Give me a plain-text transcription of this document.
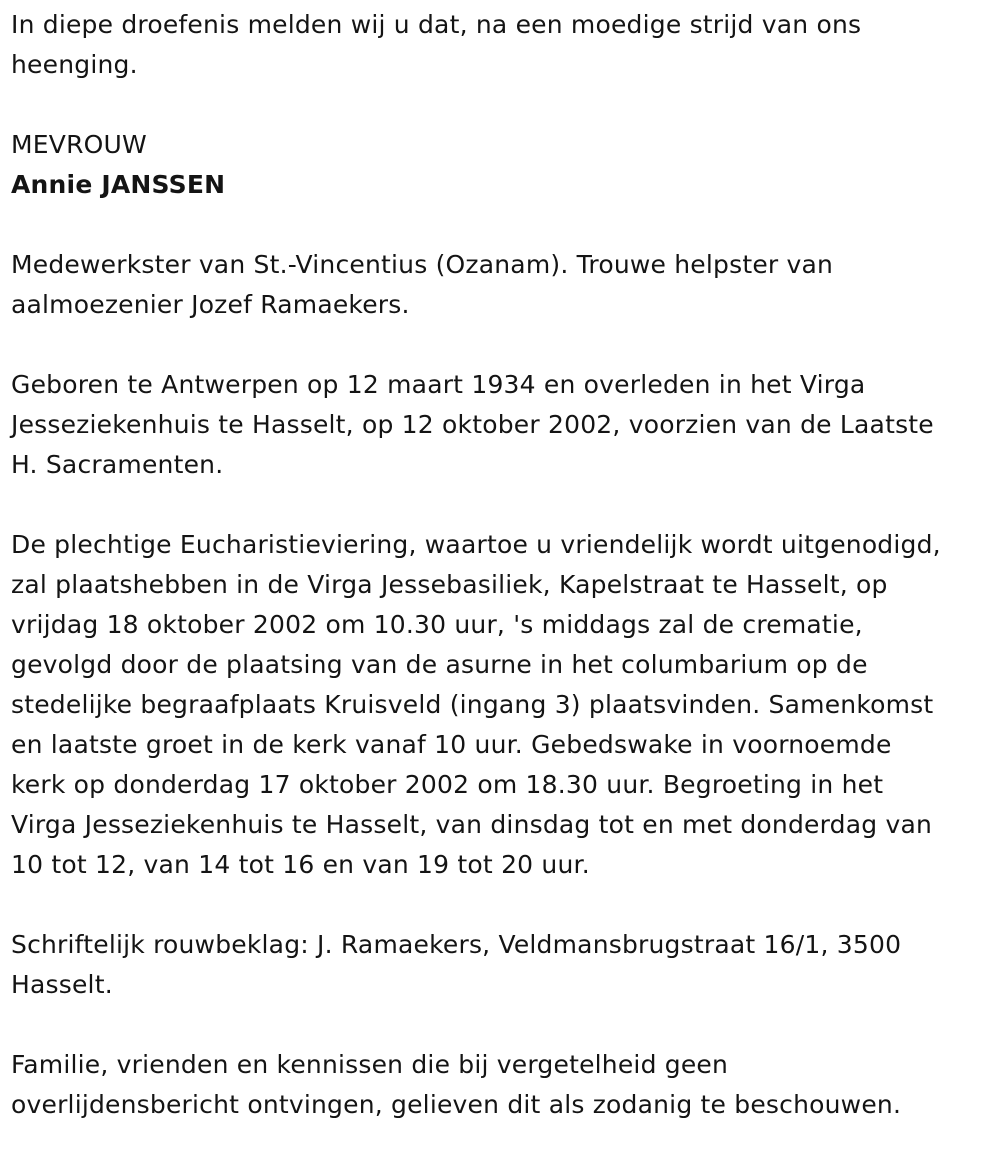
In diepe droefenis melden wij u dat, na een moedige strijd van ons
heenging.

MEVROUW

Annie JANSSEN

Medewerkster van St.-Vincentius (Ozanam). Trouwe helpster van
aalmoezenier Jozef Ramaekers.

Geboren te Antwerpen op 12 maart 1934 en overleden in het Virga
Jesseziekenhuis te Hasselt, op 12 oktober 2002, voorzien van de Laatste
H. Sacramenten.

De plechtige Eucharistieviering, waartoe u vriendelijk wordt uitgenodigd,
zal plaatshebben in de Virga Jessebasiliek, Kapelstraat te Hasselt, op
vrijdag 18 oktober 2002 om 10.30 uur, 's middags zal de crematie,
gevolgd door de plaatsing van de asurne in het columbarium op de
stedelijke begraafplaats Kruisveld (ingang 3) plaatsvinden. Samenkomst
en laatste groet in de kerk vanaf 10 uur. Gebedswake in voornoemde
kerk op donderdag 17 oktober 2002 om 18.30 uur. Begroeting in het
Virga Jesseziekenhuis te Hasselt, van dinsdag tot en met donderdag van
10 tot 12, van 14 tot 16 en van 19 tot 20 uur.

Schriftelijk rouwbeklag: J. Ramaekers, Veldmansbrugstraat 16/1, 3500
Hasselt.

Familie, vrienden en kennissen die bij vergetelheid geen
overlijdensbericht ontvingen, gelieven dit als zodanig te beschouwen.
